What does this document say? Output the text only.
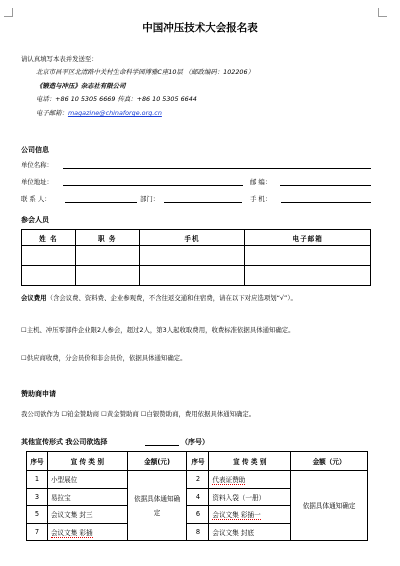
中国冲压技术大会报名表
请认真填写本表并发送至：
北京市昌平区北清路中关村生命科学园博雅C座10层 （邮政编码：102206）
《锻造与冲压》杂志社有限公司
电话：+86 10 5305 6669 传真：+86 10 5305 6644
电子邮箱：magazine@chinaforge.org.cn
公司信息
单位名称：
单位地址：	邮 编：
联 系 人：	部门：	手 机：
参会人员
姓 名	职 务	手机	电子邮箱

会议费用（含会议费、资料费、企业参观费，不含往返交通和住宿费，请在以下对应选项划“√”）。
☐主机、冲压零部件企业限2人参会，超过2人，第3人起收取费用，收费标准依据具体通知确定。
☐供应商收费，分会员价和非会员价，依据具体通知确定。
赞助商申请
我公司欲作为 ☐铂金赞助商 ☐黄金赞助商 ☐白银赞助商，费用依据具体通知确定。
其他宣传形式 我公司欲选择	（序号）
序号	宣 传 类 别	金额(元)	序号	宣 传 类 别	金额（元）
1	小型展位	依据具体通知确定	2	代表证赞助	依据具体通知确定
3	易拉宝		4	资料入袋（一册）	
5	会议文集 封三		6	会议文集 彩插一	
7	会议文集 彩插		8	会议文集 封底	
